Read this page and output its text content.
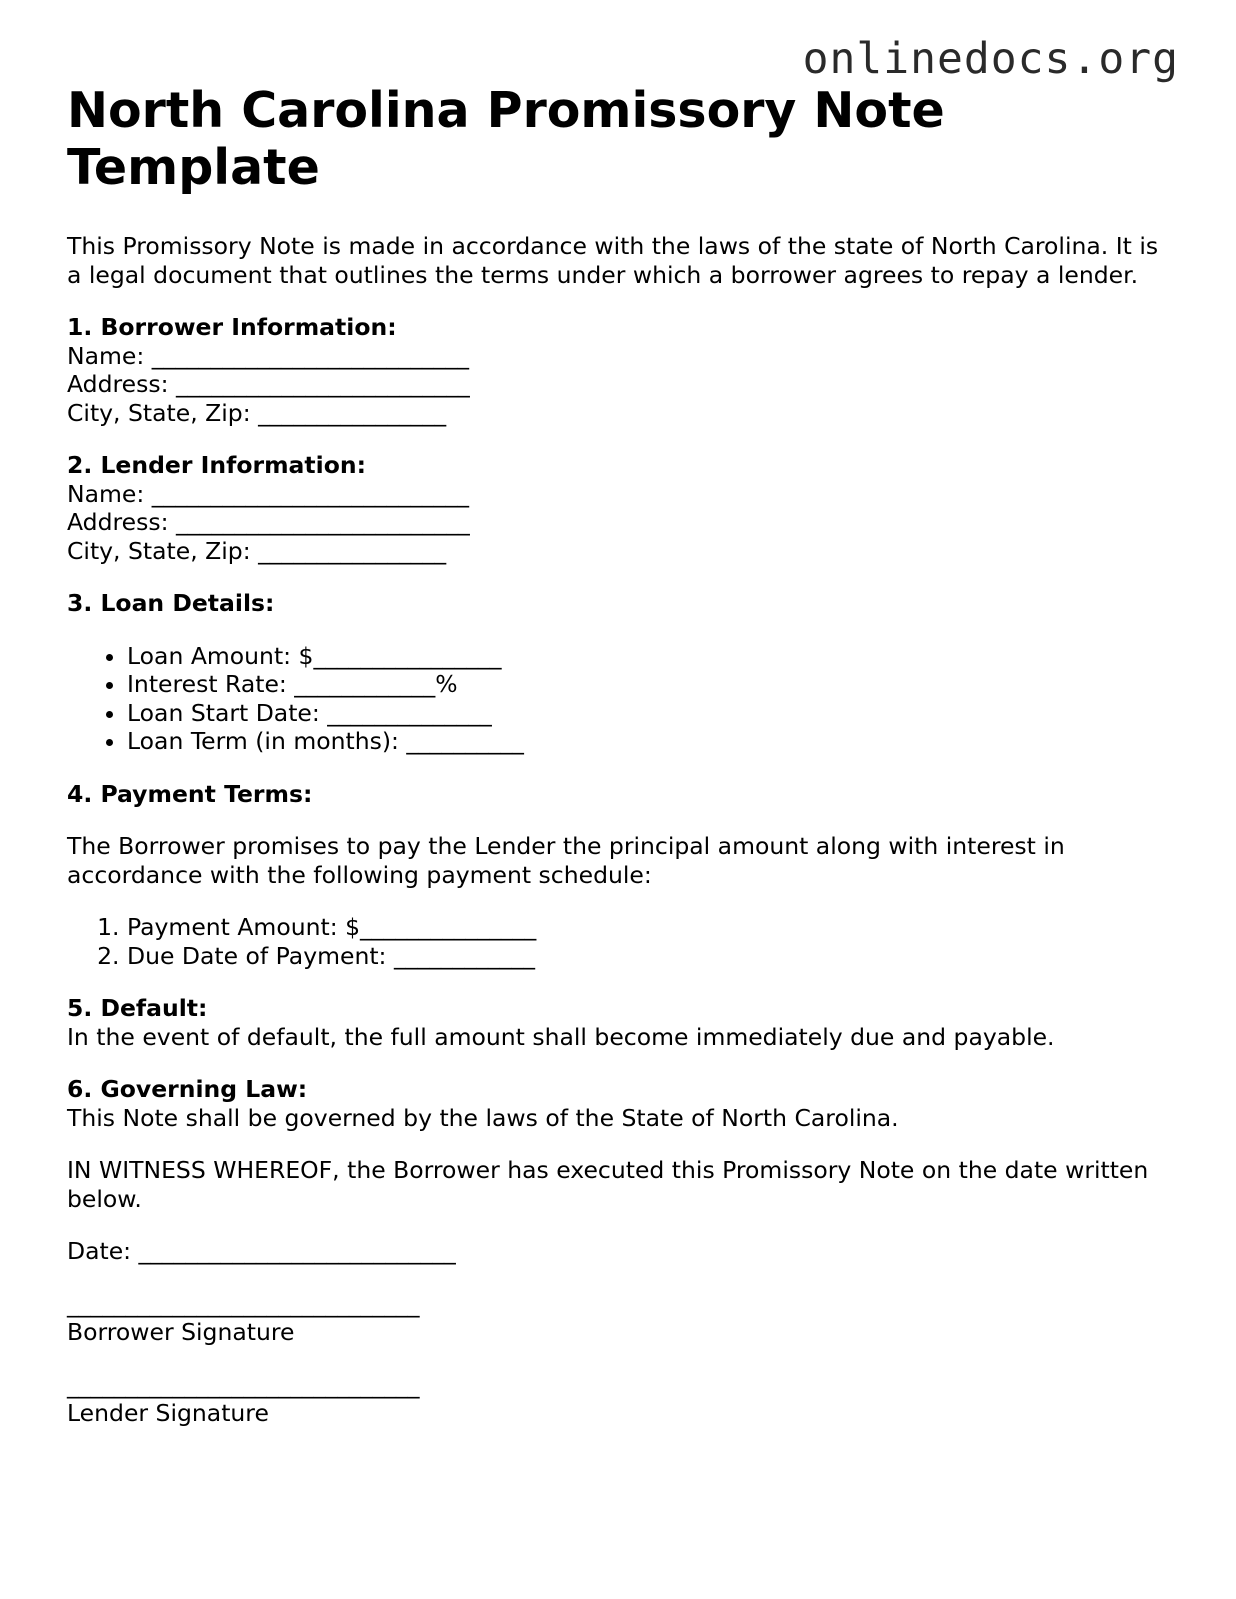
onlinedocs.org
North Carolina Promissory Note Template

This Promissory Note is made in accordance with the laws of the state of North Carolina. It is a legal document that outlines the terms under which a borrower agrees to repay a lender.

1. Borrower Information:
Name: ___________________________
Address: _________________________
City, State, Zip: ________________
2. Lender Information:
Name: ___________________________
Address: _________________________
City, State, Zip: ________________
3. Loan Details:
• Loan Amount: $________________
• Interest Rate: ____________%
• Loan Start Date: ______________
• Loan Term (in months): __________
4. Payment Terms:

The Borrower promises to pay the Lender the principal amount along with interest in accordance with the following payment schedule:

1. Payment Amount: $_______________
2. Due Date of Payment: ____________
5. Default:
In the event of default, the full amount shall become immediately due and payable.
6. Governing Law:
This Note shall be governed by the laws of the State of North Carolina.

IN WITNESS WHEREOF, the Borrower has executed this Promissory Note on the date written below.

Date: ___________________________

______________________________
Borrower Signature
______________________________
Lender Signature
